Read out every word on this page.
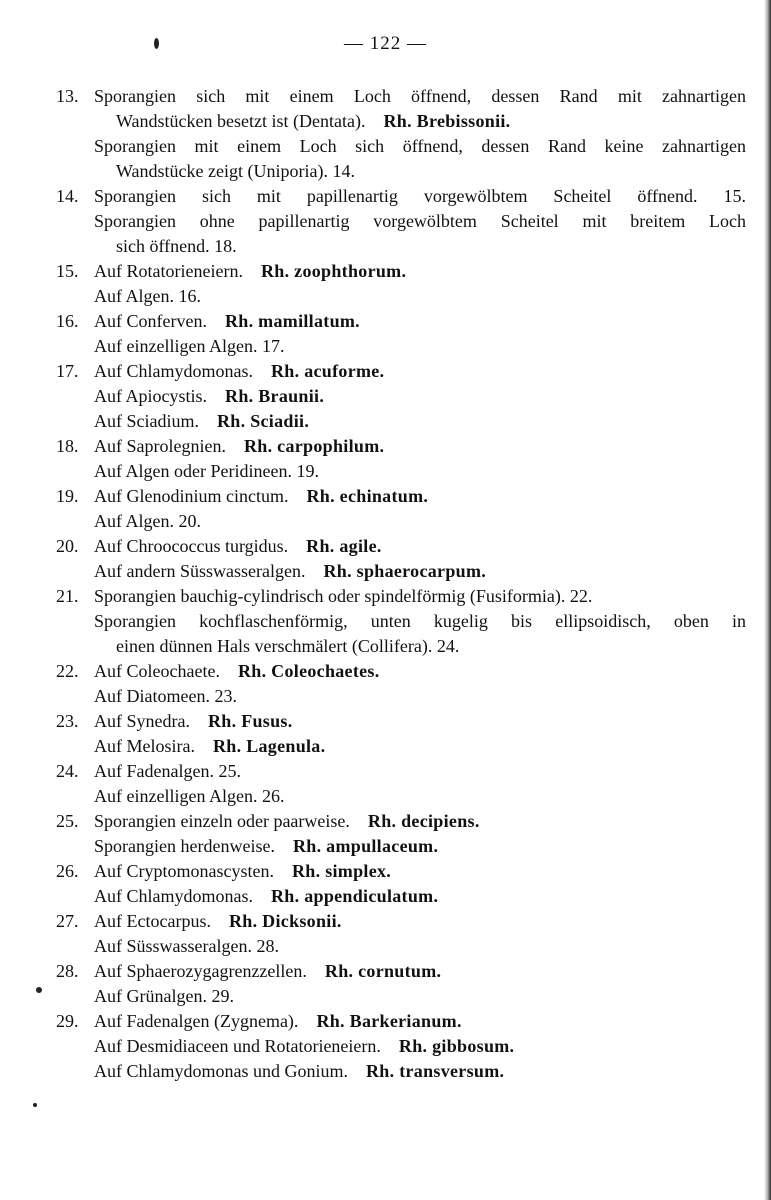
— 122 —
13. Sporangien sich mit einem Loch öffnend, dessen Rand mit zahnartigen
Wandstücken besetzt ist (Dentata).   Rh. Brebissonii.
Sporangien mit einem Loch sich öffnend, dessen Rand keine zahnartigen
Wandstücke zeigt (Uniporia). 14.
14. Sporangien sich mit papillenartig vorgewölbtem Scheitel öffnend. 15.
Sporangien ohne papillenartig vorgewölbtem Scheitel mit breitem Loch
sich öffnend. 18.
15. Auf Rotatorieneiern.   Rh. zoophthorum.
Auf Algen. 16.
16. Auf Conferven.   Rh. mamillatum.
Auf einzelligen Algen. 17.
17. Auf Chlamydomonas.   Rh. acuforme.
Auf Apiocystis.   Rh. Braunii.
Auf Sciadium.   Rh. Sciadii.
18. Auf Saprolegnien.   Rh. carpophilum.
Auf Algen oder Peridineen. 19.
19. Auf Glenodinium cinctum.   Rh. echinatum.
Auf Algen. 20.
20. Auf Chroococcus turgidus.   Rh. agile.
Auf andern Süsswasseralgen.   Rh. sphaerocarpum.
21. Sporangien bauchig-cylindrisch oder spindelförmig (Fusiformia). 22.
Sporangien kochflaschenförmig, unten kugelig bis ellipsoidisch, oben in
einen dünnen Hals verschmälert (Collifera). 24.
22. Auf Coleochaete.   Rh. Coleochaetes.
Auf Diatomeen. 23.
23. Auf Synedra.   Rh. Fusus.
Auf Melosira.   Rh. Lagenula.
24. Auf Fadenalgen. 25.
Auf einzelligen Algen. 26.
25. Sporangien einzeln oder paarweise.   Rh. decipiens.
Sporangien herdenweise.   Rh. ampullaceum.
26. Auf Cryptomonascysten.   Rh. simplex.
Auf Chlamydomonas.   Rh. appendiculatum.
27. Auf Ectocarpus.   Rh. Dicksonii.
Auf Süsswasseralgen. 28.
28. Auf Sphaerozygagrenzzellen.   Rh. cornutum.
Auf Grünalgen. 29.
29. Auf Fadenalgen (Zygnema).   Rh. Barkerianum.
Auf Desmidiaceen und Rotatorieneiern.   Rh. gibbosum.
Auf Chlamydomonas und Gonium.   Rh. transversum.
